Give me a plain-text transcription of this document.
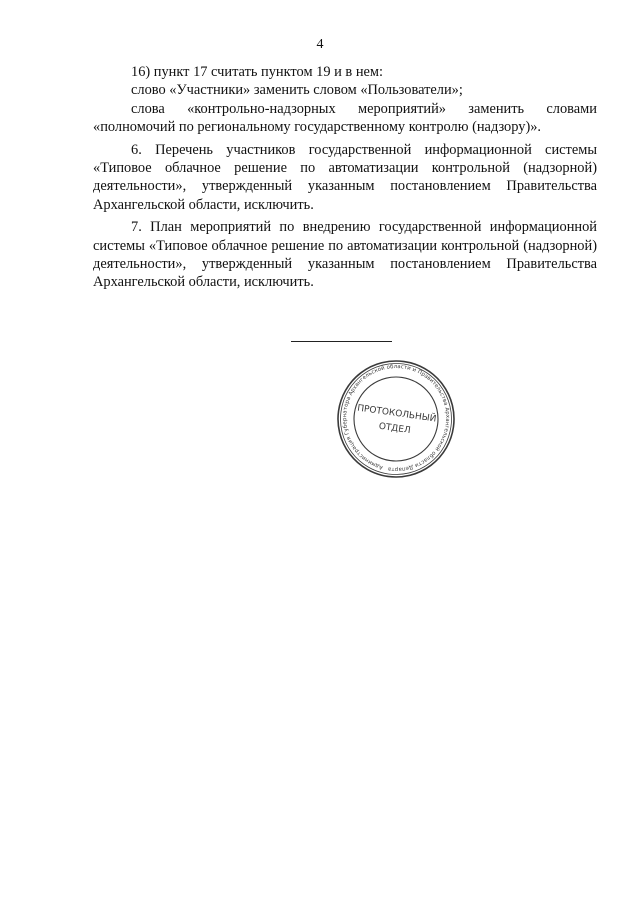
4

16) пункт 17 считать пунктом 19 и в нем:

слово «Участники» заменить словом «Пользователи»;

слова «контрольно-надзорных мероприятий» заменить словами «полномочий по региональному государственному контролю (надзору)».

6. Перечень участников государственной информационной системы «Типовое облачное решение по автоматизации контрольной (надзорной) деятельности», утвержденный указанным постановлением Правительства Архангельской области, исключить.

7. План мероприятий по внедрению государственной информационной системы «Типовое облачное решение по автоматизации контрольной (надзорной) деятельности», утвержденный указанным постановлением Правительства Архангельской области, исключить.

Администрация Губернатора Архангельской области и Правительства Архангельской области Департамент
ПРОТОКОЛЬНЫЙ
ОТДЕЛ
